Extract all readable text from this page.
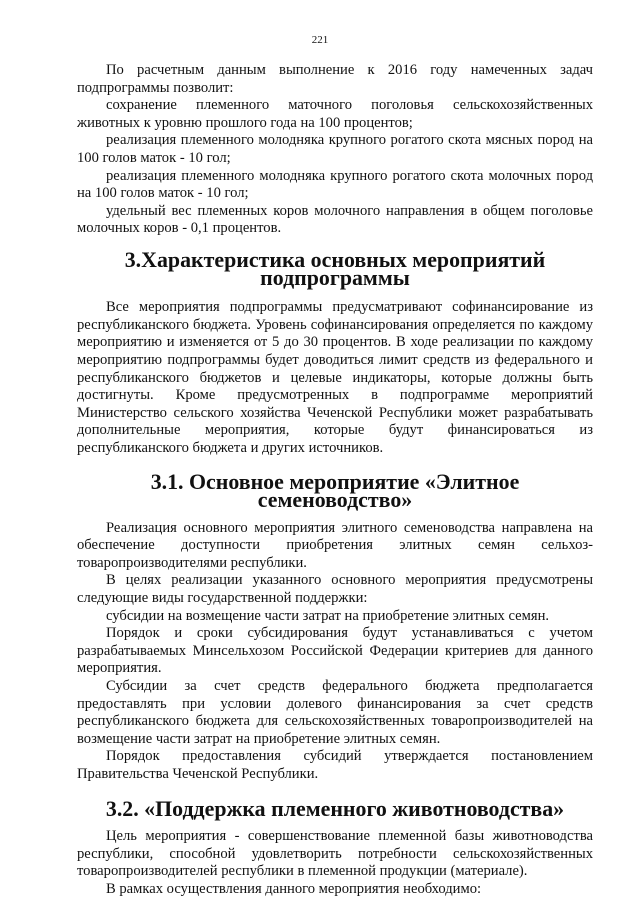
221

По расчетным данным выполнение к 2016 году намеченных задач подпрограммы позволит:

сохранение племенного маточного поголовья сельскохозяйственных животных к уровню прошлого года на 100 процентов;

реализация племенного молодняка крупного рогатого скота мясных пород на 100 голов маток - 10 гол;

реализация племенного молодняка крупного рогатого скота молочных пород на 100 голов маток - 10 гол;

удельный вес племенных коров молочного направления в общем поголовье молочных коров - 0,1 процентов.

3.Характеристика основных мероприятий подпрограммы

Все мероприятия подпрограммы предусматривают софинансирование из республиканского бюджета. Уровень софинансирования определяется по каждому мероприятию и изменяется от 5 до 30 процентов. В ходе реализации по каждому мероприятию подпрограммы будет доводиться лимит средств из федерального и республиканского бюджетов и целевые индикаторы, которые должны быть достигнуты. Кроме предусмотренных в подпрограмме мероприятий Министерство сельского хозяйства Чеченской Республики может разрабатывать дополнительные мероприятия, которые будут финансироваться из республиканского бюджета и других источников.

3.1. Основное мероприятие «Элитное семеноводство»

Реализация основного мероприятия элитного семеноводства направлена на обеспечение доступности приобретения элитных семян сельхоз-товаропроизводителями республики.

В целях реализации указанного основного мероприятия предусмотрены следующие виды государственной поддержки:

субсидии на возмещение части затрат на приобретение элитных семян.

Порядок и сроки субсидирования будут устанавливаться с учетом разрабатываемых Минсельхозом Российской Федерации критериев для данного мероприятия.

Субсидии за счет средств федерального бюджета предполагается предоставлять при условии долевого финансирования за счет средств республиканского бюджета для сельскохозяйственных товаропроизводителей на возмещение части затрат на приобретение элитных семян.

Порядок предоставления субсидий утверждается постановлением Правительства Чеченской Республики.

3.2. «Поддержка племенного животноводства»

Цель мероприятия - совершенствование племенной базы животноводства республики, способной удовлетворить потребности сельскохозяйственных товаропроизводителей республики в племенной продукции (материале).

В рамках осуществления данного мероприятия необходимо:
